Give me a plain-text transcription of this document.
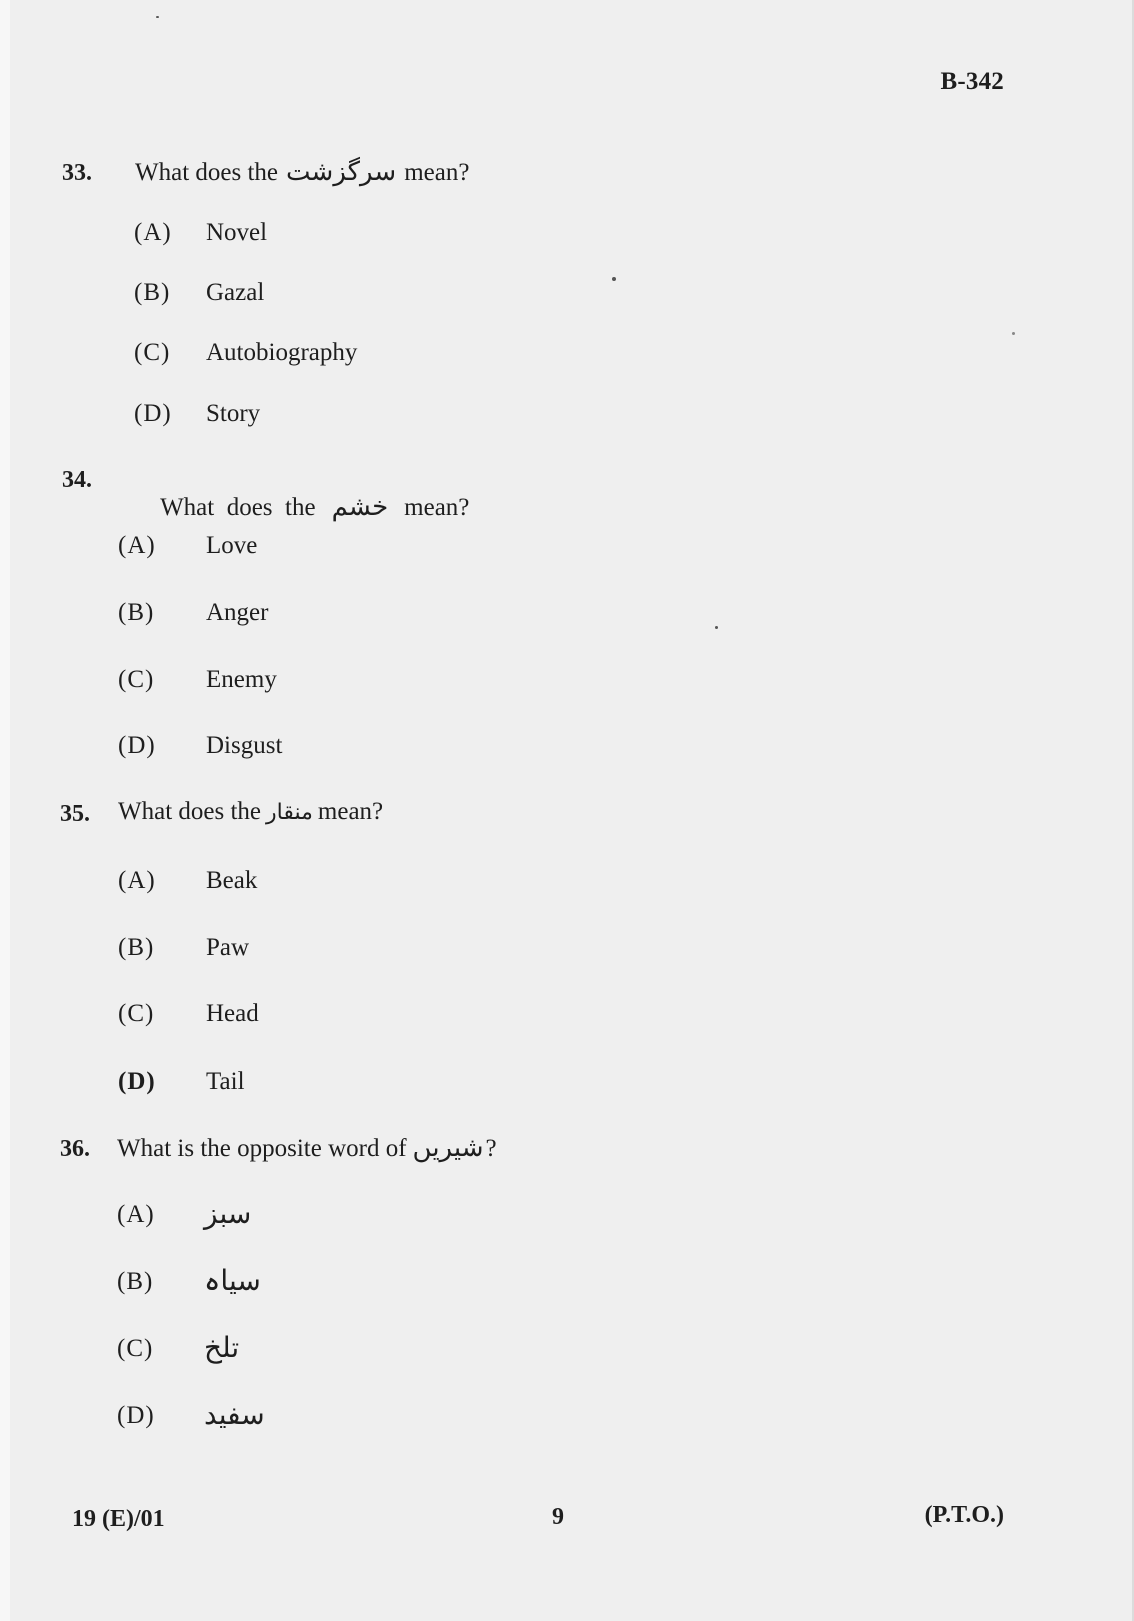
B-342
33. What does the سرگزشت mean?
(A) Novel
(B) Gazal
(C) Autobiography
(D) Story
34.

What  does  the خشم mean?

(A) Love
(B) Anger
(C) Enemy
(D) Disgust
35. What does the منقار mean?
(A) Beak
(B) Paw
(C) Head
(D) Tail
36. What is the opposite word of شیریں?
(A) سبز
(B) سیاہ
(C) تلخ
(D) سفید
19 (E)/01	9	(P.T.O.)
